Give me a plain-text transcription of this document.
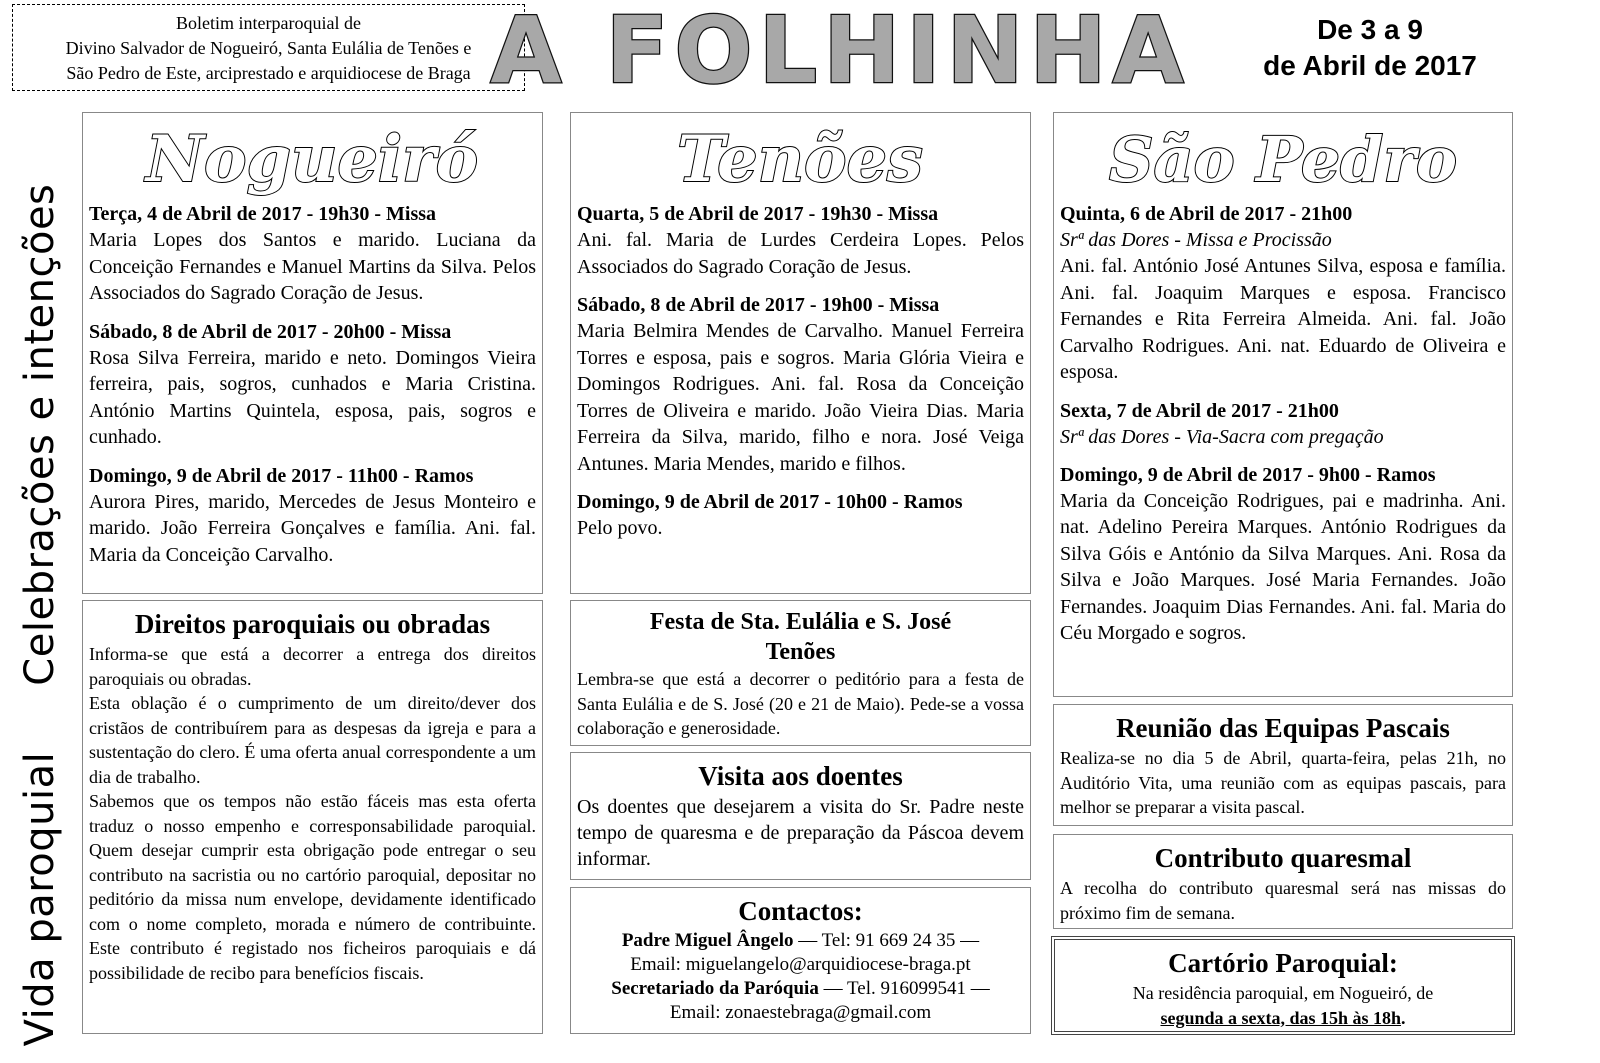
Boletim interparoquial de
Divino Salvador de Nogueiró, Santa Eulália de Tenões e
São Pedro de Este, arciprestado e arquidiocese de Braga A FOLHINHA	De 3 a 9
de Abril de 2017
Vida paroquial     Celebrações e intenções
Nogueiró
Terça, 4 de Abril de 2017 - 19h30 - Missa
Maria Lopes dos Santos e marido. Luciana da Conceição Fernandes e Manuel Martins da Silva. Pelos Associados do Sagrado Coração de Jesus.
Sábado, 8 de Abril de 2017 - 20h00 - Missa
Rosa Silva Ferreira, marido e neto. Domingos Vieira ferreira, pais, sogros, cunhados e Maria Cristina. António Martins Quintela, esposa, pais, sogros e cunhado.
Domingo, 9 de Abril de 2017 - 11h00 - Ramos
Aurora Pires, marido, Mercedes de Jesus Monteiro e marido. João Ferreira Gonçalves e família. Ani. fal. Maria da Conceição Carvalho.
Direitos paroquiais ou obradas
Informa-se que está a decorrer a entrega dos direitos paroquiais ou obradas.
Esta oblação é o cumprimento de um direito/dever dos cristãos de contribuírem para as despesas da igreja e para a sustentação do clero. É uma oferta anual correspondente a um dia de trabalho.
Sabemos que os tempos não estão fáceis mas esta oferta traduz o nosso empenho e corresponsabilidade paroquial. Quem desejar cumprir esta obrigação pode entregar o seu contributo na sacristia ou no cartório paroquial, depositar no peditório da missa num envelope, devidamente identificado com o nome completo, morada e número de contribuinte. Este contributo é registado nos ficheiros paroquiais e dá possibilidade de recibo para benefícios fiscais.
Tenões
Quarta, 5 de Abril de 2017 - 19h30 - Missa
Ani. fal. Maria de Lurdes Cerdeira Lopes. Pelos Associados do Sagrado Coração de Jesus.
Sábado, 8 de Abril de 2017 - 19h00 - Missa
Maria Belmira Mendes de Carvalho. Manuel Ferreira Torres e esposa, pais e sogros. Maria Glória Vieira e Domingos Rodrigues. Ani. fal. Rosa da Conceição Torres de Oliveira e marido. João Vieira Dias. Maria Ferreira da Silva, marido, filho e nora. José Veiga Antunes. Maria Mendes, marido e filhos.
Domingo, 9 de Abril de 2017 - 10h00 - Ramos
Pelo povo.
Festa de Sta. Eulália e S. José
Tenões
Lembra-se que está a decorrer o peditório para a festa de Santa Eulália e de S. José (20 e 21 de Maio). Pede-se a vossa colaboração e generosidade.
Visita aos doentes
Os doentes que desejarem a visita do Sr. Padre neste tempo de quaresma e de preparação da Páscoa devem informar.
Contactos:
Padre Miguel Ângelo — Tel: 91 669 24 35 —
Email: miguelangelo@arquidiocese-braga.pt
Secretariado da Paróquia — Tel. 916099541 —
Email: zonaestebraga@gmail.com
São Pedro
Quinta, 6 de Abril de 2017 - 21h00
Srª das Dores - Missa e Procissão
Ani. fal. António José Antunes Silva, esposa e família. Ani. fal. Joaquim Marques e esposa. Francisco Fernandes e Rita Ferreira Almeida. Ani. fal. João Carvalho Rodrigues. Ani. nat. Eduardo de Oliveira e esposa.
Sexta, 7 de Abril de 2017 - 21h00
Srª das Dores - Via-Sacra com pregação
Domingo, 9 de Abril de 2017 - 9h00 - Ramos
Maria da Conceição Rodrigues, pai e madrinha. Ani. nat. Adelino Pereira Marques. António Rodrigues da Silva Góis e António da Silva Marques. Ani. Rosa da Silva e João Marques. José Maria Fernandes. João Fernandes. Joaquim Dias Fernandes. Ani. fal. Maria do Céu Morgado e sogros.
Reunião das Equipas Pascais
Realiza-se no dia 5 de Abril, quarta-feira, pelas 21h, no Auditório Vita, uma reunião com as equipas pascais, para melhor se preparar a visita pascal.
Contributo quaresmal
A recolha do contributo quaresmal será nas missas do próximo fim de semana.
Cartório Paroquial:
Na residência paroquial, em Nogueiró, de
segunda a sexta, das 15h às 18h.
